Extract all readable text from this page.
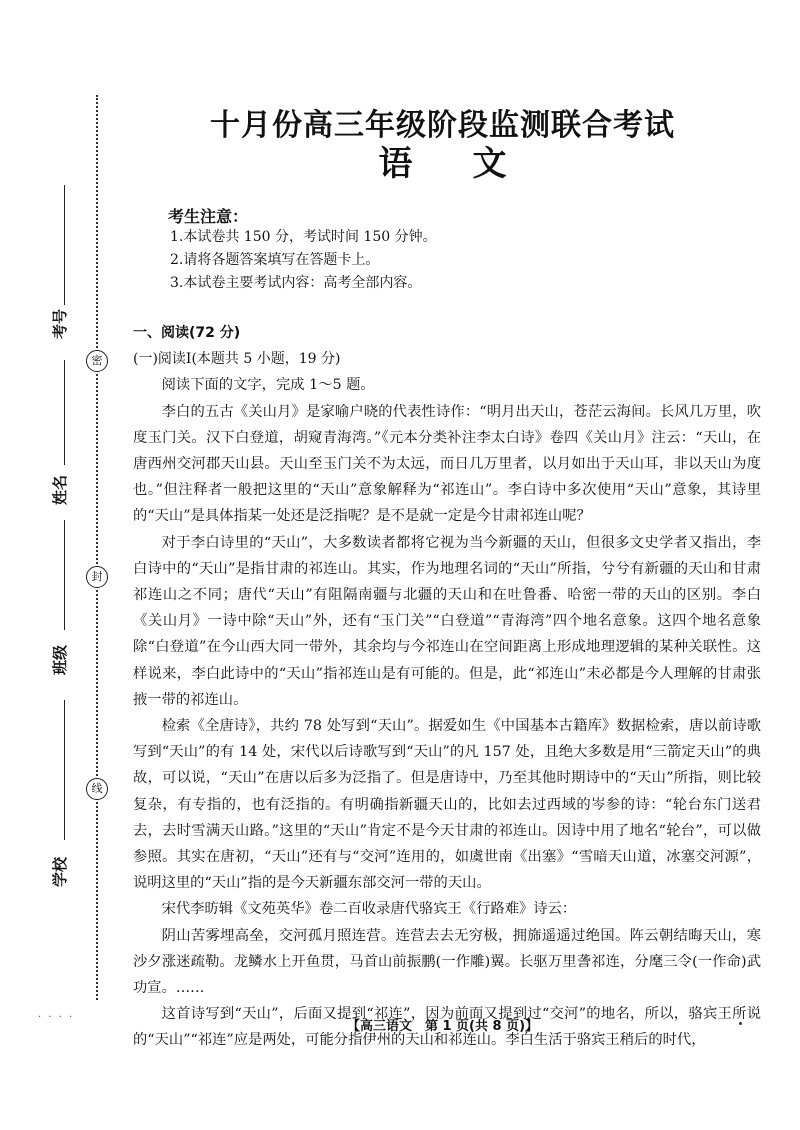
考号
姓名
班级
学校
密
封
线
· · · ·
十月份高三年级阶段监测联合考试
语文
考生注意：
1.本试卷共 150 分，考试时间 150 分钟。
2.请将各题答案填写在答题卡上。
3.本试卷主要考试内容：高考全部内容。

一、阅读(72 分)

(一)阅读Ⅰ(本题共 5 小题，19 分)

阅读下面的文字，完成 1～5 题。

李白的五古《关山月》是家喻户晓的代表性诗作：“明月出天山，苍茫云海间。长风几万里，吹度玉门关。汉下白登道，胡窥青海湾。”《元本分类补注李太白诗》卷四《关山月》注云：“天山，在唐西州交河郡天山县。天山至玉门关不为太远，而日几万里者，以月如出于天山耳，非以天山为度也。”但注释者一般把这里的“天山”意象解释为“祁连山”。李白诗中多次使用“天山”意象，其诗里的“天山”是具体指某一处还是泛指呢？是不是就一定是今甘肃祁连山呢？

对于李白诗里的“天山”，大多数读者都将它视为当今新疆的天山，但很多文史学者又指出，李白诗中的“天山”是指甘肃的祁连山。其实，作为地理名词的“天山”所指，兮兮有新疆的天山和甘肃祁连山之不同；唐代“天山”有阻隔南疆与北疆的天山和在吐鲁番、哈密一带的天山的区别。李白《关山月》一诗中除“天山”外，还有“玉门关”“白登道”“青海湾”四个地名意象。这四个地名意象除“白登道”在今山西大同一带外，其余均与今祁连山在空间距离上形成地理逻辑的某种关联性。这样说来，李白此诗中的“天山”指祁连山是有可能的。但是，此“祁连山”未必都是今人理解的甘肃张掖一带的祁连山。

检索《全唐诗》，共约 78 处写到“天山”。据爱如生《中国基本古籍库》数据检索，唐以前诗歌写到“天山”的有 14 处，宋代以后诗歌写到“天山”的凡 157 处，且绝大多数是用“三箭定天山”的典故，可以说，“天山”在唐以后多为泛指了。但是唐诗中，乃至其他时期诗中的“天山”所指，则比较复杂，有专指的，也有泛指的。有明确指新疆天山的，比如去过西域的岑参的诗：“轮台东门送君去，去时雪满天山路。”这里的“天山”肯定不是今天甘肃的祁连山。因诗中用了地名“轮台”，可以做参照。其实在唐初，“天山”还有与“交河”连用的，如虞世南《出塞》“雪暗天山道，冰塞交河源”，说明这里的“天山”指的是今天新疆东部交河一带的天山。

宋代李昉辑《文苑英华》卷二百收录唐代骆宾王《行路难》诗云：

阴山苦雾埋高垒，交河孤月照连营。连营去去无穷极，拥旆遥遥过绝国。阵云朝结晦天山，寒沙夕涨迷疏勒。龙鳞水上开鱼贯，马首山前振鹏(一作雕)翼。长驱万里詟祁连，分麾三令(一作命)武功宣。……

这首诗写到“天山”，后面又提到“祁连”，因为前面又提到过“交河”的地名，所以，骆宾王所说的“天山”“祁连”应是两处，可能分指伊州的天山和祁连山。李白生活于骆宾王稍后的时代，

【高三语文　第 1 页(共 8 页)】
